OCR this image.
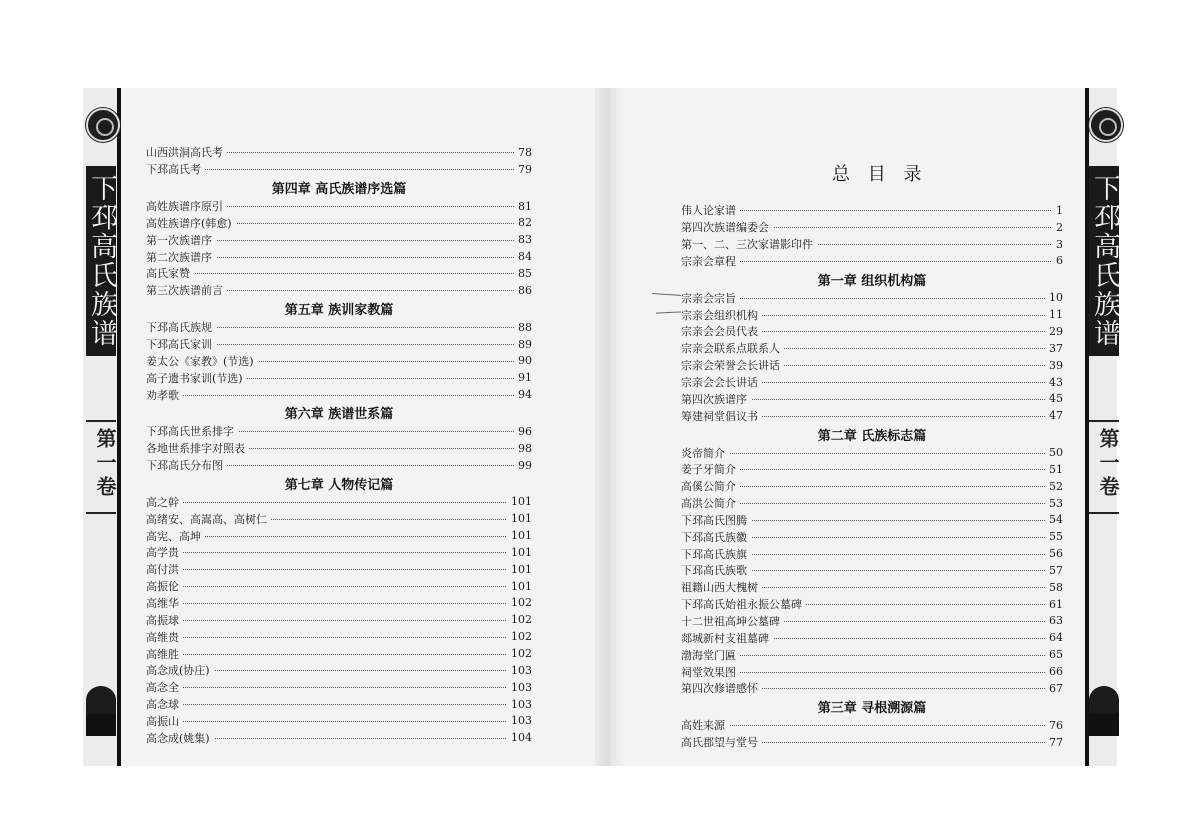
下邳高氏族谱
第一卷
山西洪洞高氏考	78
下邳高氏考	79
第四章 高氏族谱序选篇
高姓族谱序原引	81
高姓族谱序(韩愈)	82
第一次族谱序	83
第二次族谱序	84
高氏家赞	85
第三次族谱前言	86
第五章 族训家教篇
下邳高氏族规	88
下邳高氏家训	89
姜太公《家教》(节选)	90
高子遗书家训(节选)	91
劝孝歌	94
第六章 族谱世系篇
下邳高氏世系排字	96
各地世系排字对照表	98
下邳高氏分布图	99
第七章 人物传记篇
高之幹	101
高绪安、高嵩高、高树仁	101
高宪、高坤	101
高学贵	101
高付洪	101
高振伦	101
高维华	102
高振球	102
高维贵	102
高维胜	102
高念成(协庄)	103
高念全	103
高念球	103
高振山	103
高念成(姚集)	104
总 目 录
伟人论家谱	1
第四次族谱编委会	2
第一、二、三次家谱影印件	3
宗亲会章程	6
第一章 组织机构篇
宗亲会宗旨	10
宗亲会组织机构	11
宗亲会会员代表	29
宗亲会联系点联系人	37
宗亲会荣誉会长讲话	39
宗亲会会长讲话	43
第四次族谱序	45
筹建祠堂倡议书	47
第二章 氏族标志篇
炎帝简介	50
姜子牙简介	51
高傒公简介	52
高洪公简介	53
下邳高氏图腾	54
下邳高氏族徽	55
下邳高氏族旗	56
下邳高氏族歌	57
祖籍山西大槐树	58
下邳高氏始祖永振公墓碑	61
十二世祖高坤公墓碑	63
郯城新村支祖墓碑	64
渤海堂门匾	65
祠堂效果图	66
第四次修谱感怀	67
第三章 寻根溯源篇
高姓来源	76
高氏郡望与堂号	77
下邳高氏族谱
第一卷
